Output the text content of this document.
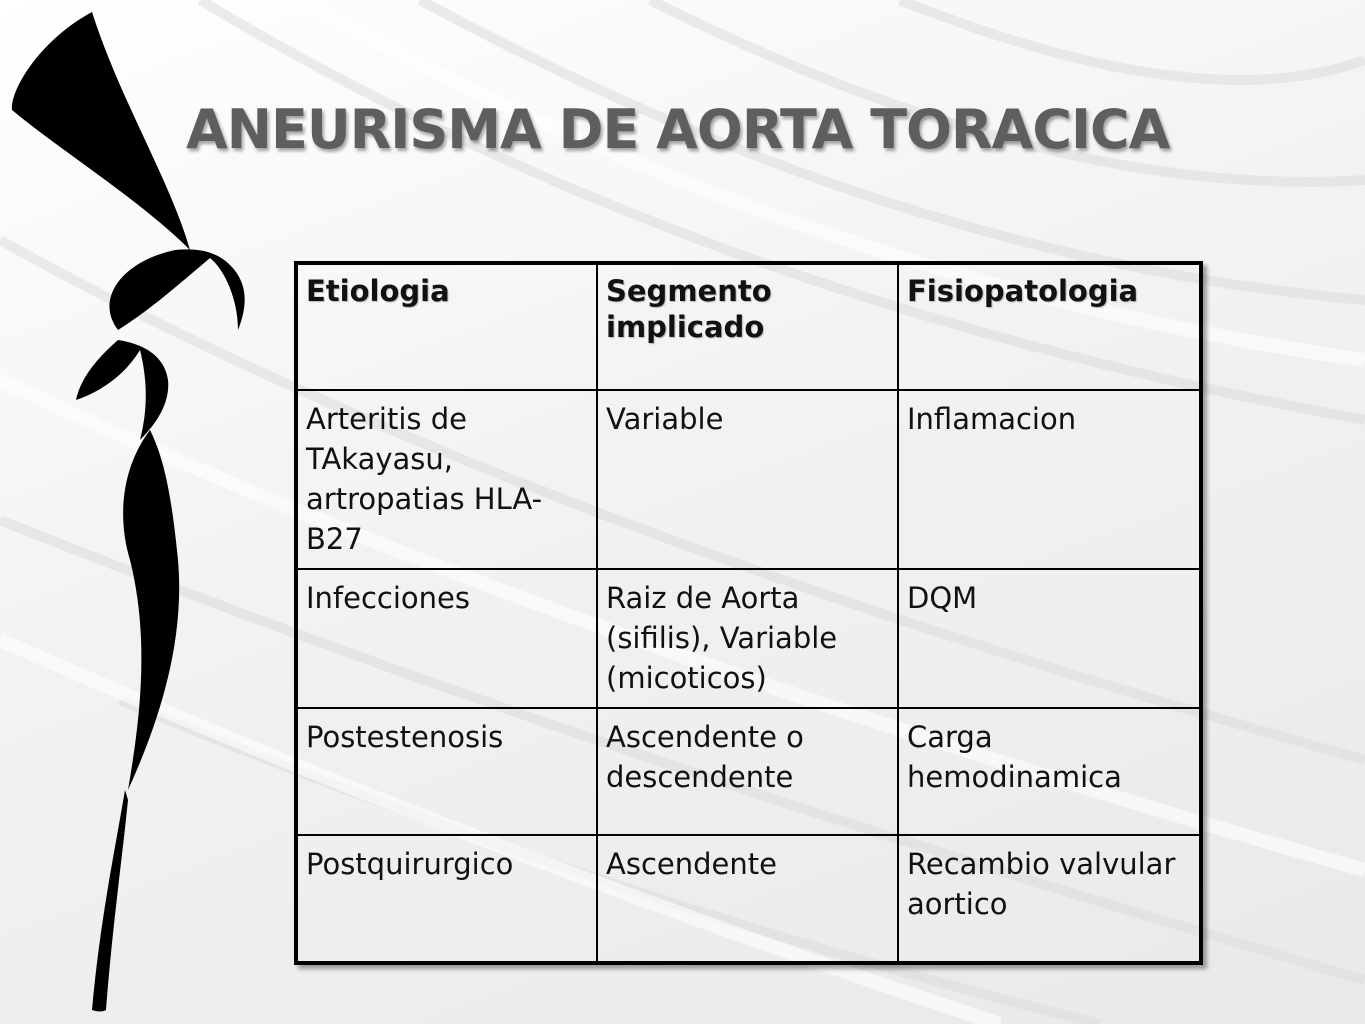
ANEURISMA DE AORTA TORACICA
Etiologia	Segmento implicado	Fisiopatologia
Arteritis de TAkayasu, artropatias HLA-B27	Variable	Inflamacion
Infecciones	Raiz de Aorta (sifilis), Variable (micoticos)	DQM
Postestenosis	Ascendente o descendente	Carga hemodinamica
Postquirurgico	Ascendente	Recambio valvular aortico
